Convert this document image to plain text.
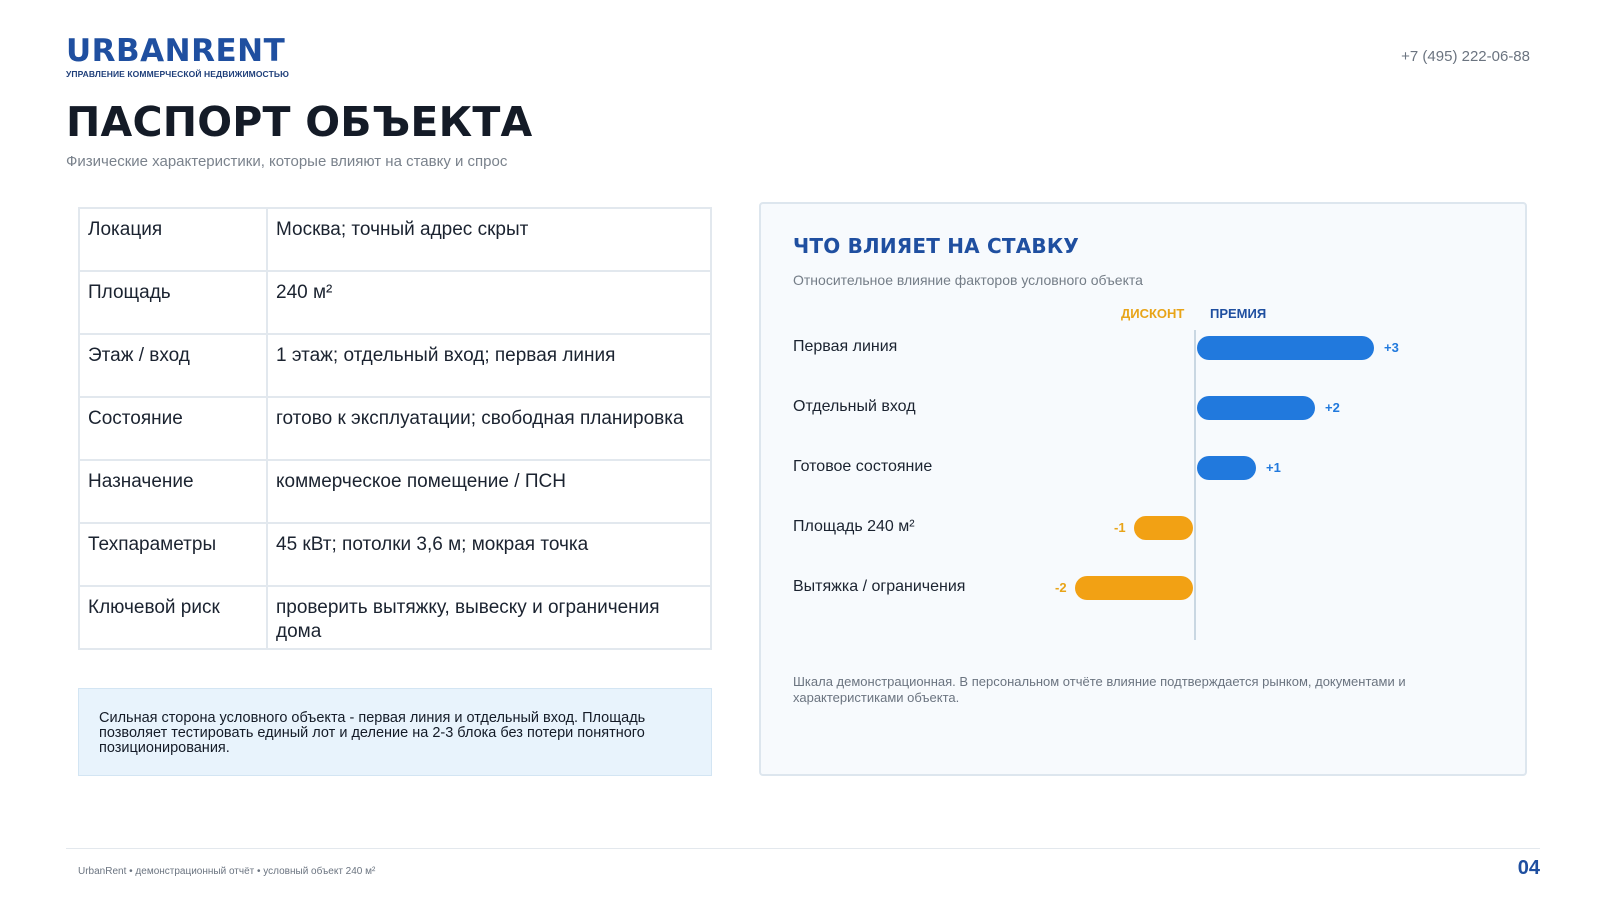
URBANRENT
УПРАВЛЕНИЕ КОММЕРЧЕСКОЙ НЕДВИЖИМОСТЬЮ
+7 (495) 222-06-88
ПАСПОРТ ОБЪЕКТА
Физические характеристики, которые влияют на ставку и спрос
Локация	Москва; точный адрес скрыт
Площадь	240 м²
Этаж / вход	1 этаж; отдельный вход; первая линия
Состояние	готово к эксплуатации; свободная планировка
Назначение	коммерческое помещение / ПСН
Техпараметры	45 кВт; потолки 3,6 м; мокрая точка
Ключевой риск	проверить вытяжку, вывеску и ограничения дома
Сильная сторона условного объекта - первая линия и отдельный вход. Площадь позволяет тестировать единый лот и деление на 2-3 блока без потери понятного позиционирования.
ЧТО ВЛИЯЕТ НА СТАВКУ
Относительное влияние факторов условного объекта
ДИСКОНТ ПРЕМИЯ
Первая линия	+3
Отдельный вход	+2
Готовое состояние	+1
Площадь 240 м²	-1
Вытяжка / ограничения	-2
Шкала демонстрационная. В персональном отчёте влияние подтверждается рынком, документами и характеристиками объекта.
UrbanRent • демонстрационный отчёт • условный объект 240 м²	04
